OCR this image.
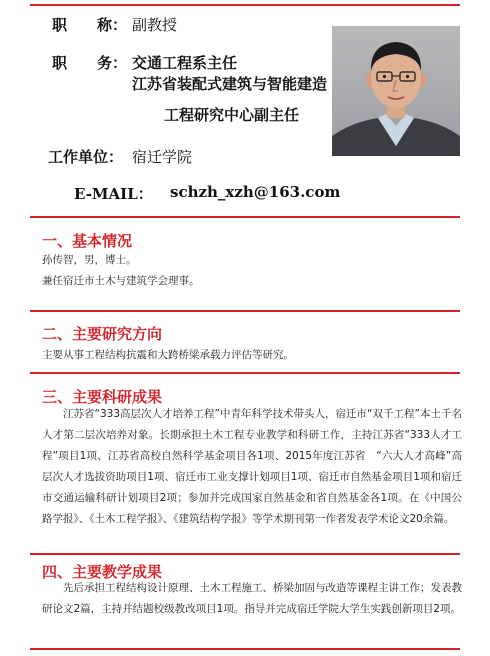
职　　称： 副教授
职　　务： 交通工程系主任
江苏省装配式建筑与智能建造
工程研究中心副主任
工作单位： 宿迁学院
E-MAIL： schzh_xzh@163.com
一、基本情况

孙传智，男，博士。

兼任宿迁市土木与建筑学会理事。

二、主要研究方向

主要从事工程结构抗震和大跨桥梁承载力评估等研究。

三、主要科研成果

江苏省“333高层次人才培养工程”中青年科学技术带头人，宿迁市“双千工程”本土千名人才第二层次培养对象。长期承担土木工程专业教学和科研工作，主持江苏省“333人才工程”项目1项、江苏省高校自然科学基金项目各1项、2015年度江苏省　“六大人才高峰”高层次人才选拔资助项目1项、宿迁市工业支撑计划项目1项、宿迁市自然基金项目1项和宿迁市交通运输科研计划项目2项；参加并完成国家自然基金和省自然基金各1项。在《中国公路学报》、《土木工程学报》、《建筑结构学报》等学术期刊第一作者发表学术论文20余篇。

四、主要教学成果

先后承担工程结构设计原理、土木工程施工、桥梁加固与改造等课程主讲工作；发表教研论文2篇，主持并结题校级教改项目1项。指导并完成宿迁学院大学生实践创新项目2项。
